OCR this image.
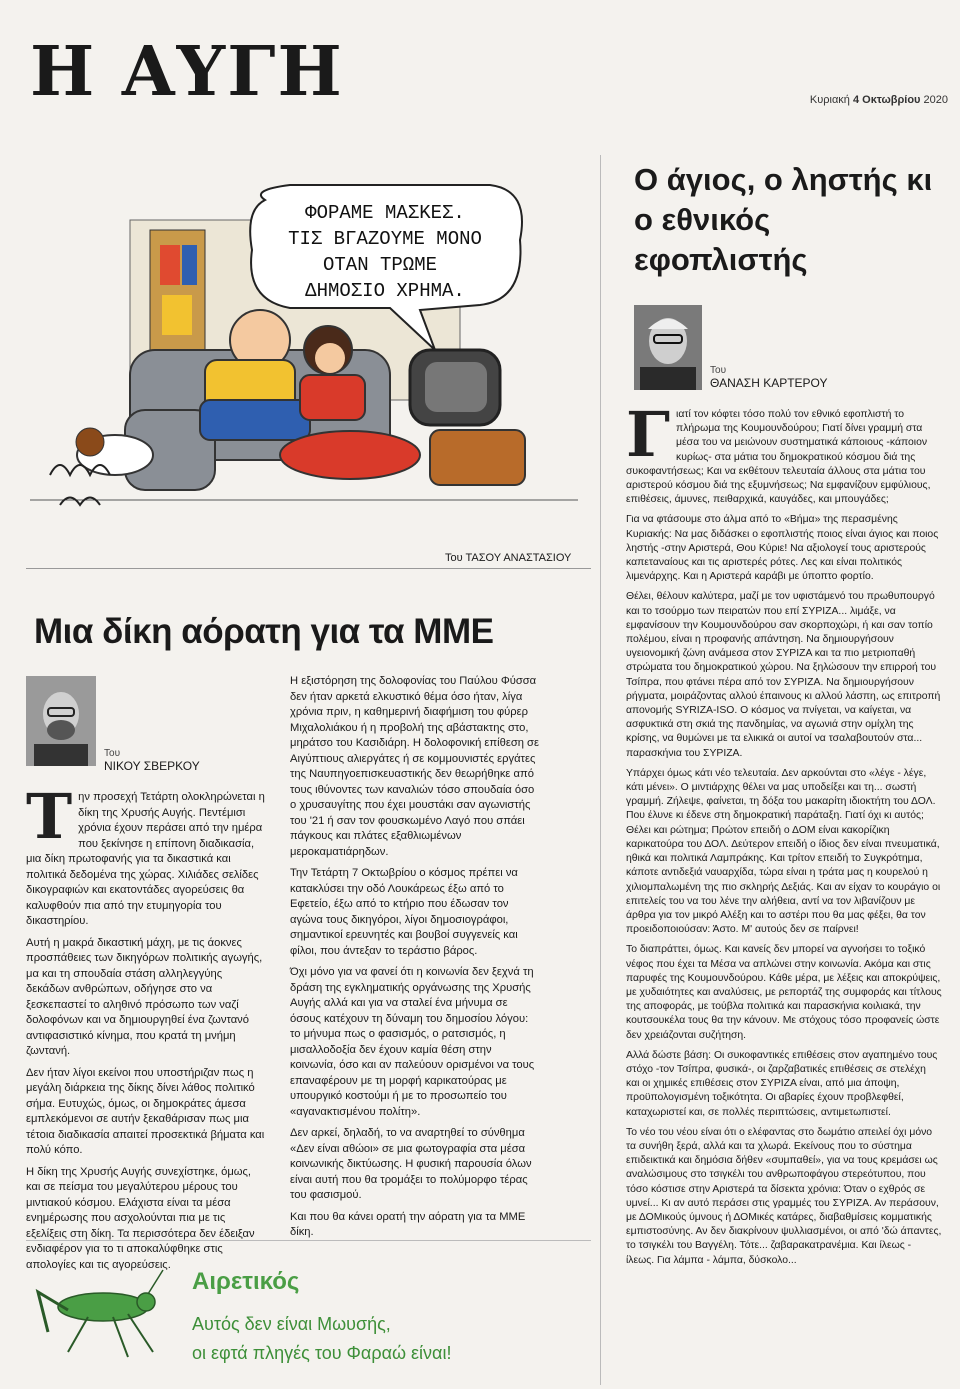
Η ΑΥΓΗ	Κυριακή 4 Οκτωβρίου 2020
ΦΟΡΑΜΕ ΜΑΣΚΕΣ.
ΤΙΣ ΒΓΑΖΟΥΜΕ ΜΟΝΟ
ΟΤΑΝ ΤΡΩΜΕ
ΔΗΜΟΣΙΟ ΧΡΗΜΑ.
Του ΤΑΣΟΥ ΑΝΑΣΤΑΣΙΟΥ
Μια δίκη αόρατη για τα ΜΜΕ
Του
ΝΙΚΟΥ ΣΒΕΡΚΟΥ
Τ ην προσεχή Τετάρτη ολοκληρώνεται η δίκη της Χρυσής Αυγής. Πεντέμισι χρόνια έχουν περάσει από την ημέρα που ξεκίνησε η επίπονη διαδικασία, μια δίκη πρωτοφανής για τα δικαστικά και πολιτικά δεδομένα της χώρας. Χιλιάδες σελίδες δικογραφιών και εκατοντάδες αγορεύσεις θα καλυφθούν πια από την ετυμηγορία του δικαστηρίου.

Αυτή η μακρά δικαστική μάχη, με τις άοκνες προσπάθειες των δικηγόρων πολιτικής αγωγής, μα και τη σπουδαία στάση αλληλεγγύης δεκάδων ανθρώπων, οδήγησε στο να ξεσκεπαστεί το αληθινό πρόσωπο των ναζί δολοφόνων και να δημιουργηθεί ένα ζωντανό αντιφασιστικό κίνημα, που κρατά τη μνήμη ζωντανή.

Δεν ήταν λίγοι εκείνοι που υποστήριζαν πως η μεγάλη διάρκεια της δίκης δίνει λάθος πολιτικό σήμα. Ευτυχώς, όμως, οι δημοκράτες άμεσα εμπλεκόμενοι σε αυτήν ξεκαθάρισαν πως μια τέτοια διαδικασία απαιτεί προσεκτικά βήματα και πολύ κόπο.

Η δίκη της Χρυσής Αυγής συνεχίστηκε, όμως, και σε πείσμα του μεγαλύτερου μέρους του μιντιακού κόσμου. Ελάχιστα είναι τα μέσα ενημέρωσης που ασχολούνται πια με τις εξελίξεις στη δίκη. Τα περισσότερα δεν έδειξαν ενδιαφέρον για το τι αποκαλύφθηκε στις απολογίες και τις αγορεύσεις.

Η εξιστόρηση της δολοφονίας του Παύλου Φύσσα δεν ήταν αρκετά ελκυστικό θέμα όσο ήταν, λίγα χρόνια πριν, η καθημερινή διαφήμιση του φύρερ Μιχαλολιάκου ή η προβολή της αβάστακτης στο, μηράτσο του Κασιδιάρη. Η δολοφονική επίθεση σε Αιγύπτιους αλιεργάτες ή σε κομμουνιστές εργάτες της Ναυπηγοεπισκευαστικής δεν θεωρήθηκε από τους ιθύνοντες των καναλιών τόσο σπουδαία όσο ο χρυσαυγίτης που έχει μουστάκι σαν αγωνιστής του '21 ή σαν τον φουσκωμένο Λαγό που σπάει πάγκους και πλάτες εξαθλιωμένων μεροκαματιάρηδων.

Την Τετάρτη 7 Οκτωβρίου ο κόσμος πρέπει να κατακλύσει την οδό Λουκάρεως έξω από το Εφετείο, έξω από το κτήριο που έδωσαν τον αγώνα τους δικηγόροι, λίγοι δημοσιογράφοι, σημαντικοί ερευνητές και βουβοί συγγενείς και φίλοι, που άντεξαν το τεράστιο βάρος.

Όχι μόνο για να φανεί ότι η κοινωνία δεν ξεχνά τη δράση της εγκληματικής οργάνωσης της Χρυσής Αυγής αλλά και για να σταλεί ένα μήνυμα σε όσους κατέχουν τη δύναμη του δημοσίου λόγου: το μήνυμα πως ο φασισμός, ο ρατσισμός, η μισαλλοδοξία δεν έχουν καμία θέση στην κοινωνία, όσο και αν παλεύουν ορισμένοι να τους επαναφέρουν με τη μορφή καρικατούρας με υπουργικό κοστούμι ή με το προσωπείο του «αγανακτισμένου πολίτη».

Δεν αρκεί, δηλαδή, το να αναρτηθεί το σύνθημα «Δεν είναι αθώοι» σε μια φωτογραφία στα μέσα κοινωνικής δικτύωσης. Η φυσική παρουσία όλων είναι αυτή που θα τρομάξει το πολύμορφο τέρας του φασισμού.

Και που θα κάνει ορατή την αόρατη για τα ΜΜΕ δίκη.

Ο άγιος, ο ληστής κι ο εθνικός εφοπλιστής
Του
ΘΑΝΑΣΗ ΚΑΡΤΕΡΟΥ
Γ ιατί τον κόφτει τόσο πολύ τον εθνικό εφοπλιστή το πλήρωμα της Κουμουνδούρου; Γιατί δίνει γραμμή στα μέσα του να μειώνουν συστηματικά κάποιους -κάποιον κυρίως- στα μάτια του δημοκρατικού κόσμου διά της συκοφαντήσεως; Και να εκθέτουν τελευταία άλλους στα μάτια του αριστερού κόσμου διά της εξυμνήσεως; Να εμφανίζουν εμφύλιους, επιθέσεις, άμυνες, πειθαρχικά, καυγάδες, και μπουγάδες;

Για να φτάσουμε στο άλμα από το «Βήμα» της περασμένης Κυριακής: Να μας διδάσκει ο εφοπλιστής ποιος είναι άγιος και ποιος ληστής -στην Αριστερά, Θου Κύριε! Να αξιολογεί τους αριστερούς καπεταναίους και τις αριστερές ρότες. Λες και είναι πολιτικός λιμενάρχης. Και η Αριστερά καράβι με ύποπτο φορτίο.

Θέλει, θέλουν καλύτερα, μαζί με τον υφιστάμενό του πρωθυπουργό και το τσούρμο των πειρατών που επί ΣΥΡΙΖΑ... λιμάξε, να εμφανίσουν την Κουμουνδούρου σαν σκορποχώρι, ή και σαν τοπίο πολέμου, είναι η προφανής απάντηση. Να δημιουργήσουν υγειονομική ζώνη ανάμεσα στον ΣΥΡΙΖΑ και τα πιο μετριοπαθή στρώματα του δημοκρατικού χώρου. Να ξηλώσουν την επιρροή του Τσίπρα, που φτάνει πέρα από τον ΣΥΡΙΖΑ. Να δημιουργήσουν ρήγματα, μοιράζοντας αλλού έπαινους κι αλλού λάσπη, ως επιτροπή απονομής SYRIZA-ISO. Ο κόσμος να πνίγεται, να καίγεται, να ασφυκτικά στη σκιά της πανδημίας, να αγωνιά στην ομίχλη της κρίσης, να θυμώνει με τα ελικικά οι αυτοί να τσαλαβουτούν στα... παρασκήνια του ΣΥΡΙΖΑ.

Υπάρχει όμως κάτι νέο τελευταία. Δεν αρκούνται στο «λέγε - λέγε, κάτι μένει». Ο μιντιάρχης θέλει να μας υποδείξει και τη... σωστή γραμμή. Ζήλεψε, φαίνεται, τη δόξα του μακαρίτη ιδιοκτήτη του ΔΟΛ. Που έλυνε κι έδενε στη δημοκρατική παράταξη. Γιατί όχι κι αυτός; Θέλει και ρώτημα; Πρώτον επειδή ο ΔΟΜ είναι κακορίζικη καρικατούρα του ΔΟΛ. Δεύτερον επειδή ο ίδιος δεν είναι πνευματικά, ηθικά και πολιτικά Λαμπράκης. Και τρίτον επειδή το Συγκρότημα, κάποτε αντιδεξιά ναυαρχίδα, τώρα είναι η τράτα μας η κουρελού η χιλιομπαλωμένη της πιο σκληρής Δεξιάς. Και αν είχαν το κουράγιο οι επιτελείς του να του λένε την αλήθεια, αντί να τον λιβανίζουν με άρθρα για τον μικρό Αλέξη και το αστέρι που θα μας φέξει, θα τον προειδοποιούσαν: Άστο. Μ' αυτούς δεν σε παίρνει!

Το διαπράττει, όμως. Και κανείς δεν μπορεί να αγνοήσει το τοξικό νέφος που έχει τα Μέσα να απλώνει στην κοινωνία. Ακόμα και στις παρυφές της Κουμουνδούρου. Κάθε μέρα, με λέξεις και αποκρύψεις, με χυδαιότητες και αναλύσεις, με ρεπορτάζ της συμφοράς και τίτλους της αποφοράς, με τούβλα πολιτικά και παρασκήνια κοιλιακά, την κουτσουκέλα τους θα την κάνουν. Με στόχους τόσο προφανείς ώστε δεν χρειάζονται συζήτηση.

Αλλά δώστε βάση: Οι συκοφαντικές επιθέσεις στον αγαπημένο τους στόχο -τον Τσίπρα, φυσικά-, οι ζαρζαβατικές επιθέσεις σε στελέχη και οι χημικές επιθέσεις στον ΣΥΡΙΖΑ είναι, από μια άποψη, προϋπολογισμένη τοξικότητα. Οι αβαρίες έχουν προβλεφθεί, καταχωριστεί και, σε πολλές περιπτώσεις, αντιμετωπιστεί.

Το νέο του νέου είναι ότι ο ελέφαντας στο δωμάτιο απειλεί όχι μόνο τα συνήθη ξερά, αλλά και τα χλωρά. Εκείνους που το σύστημα επιδεικτικά και δημόσια δήθεν «συμπαθεί», για να τους κρεμάσει ως αναλώσιμους στο τσιγκέλι του ανθρωποφάγου στερεότυπου, που τόσο κόστισε στην Αριστερά τα δίσεκτα χρόνια: Όταν ο εχθρός σε υμνεί... Κι αν αυτό περάσει στις γραμμές του ΣΥΡΙΖΑ. Αν περάσουν, με ΔΟΜικούς ύμνους ή ΔΟΜικές κατάρες, διαβαθμίσεις κομματικής εμπιστοσύνης. Αν δεν διακρίνουν ψυλλιασμένοι, οι από 'δώ άπαντες, το τσιγκέλι του Βαγγέλη. Τότε... ζαβαρακατρανέμια. Και ίλεως - ίλεως. Για λάμπα - λάμπα, δύσκολο...

Αιρετικός
Αυτός δεν είναι Μωυσής,
οι εφτά πληγές του Φαραώ είναι!
